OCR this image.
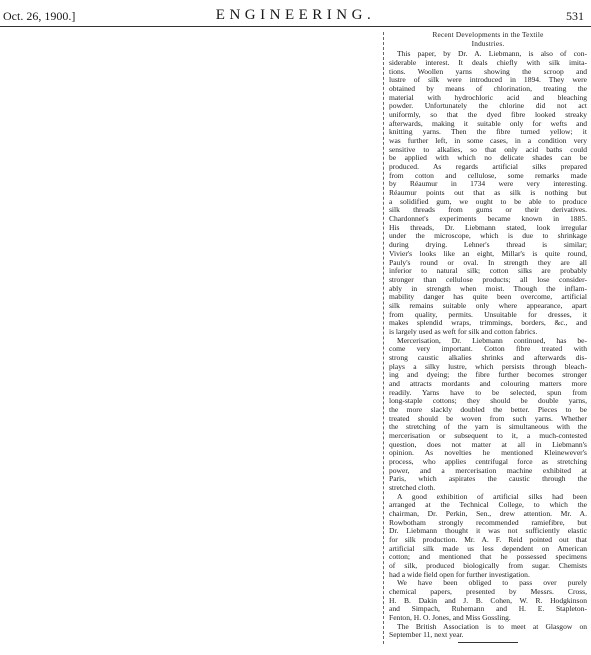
Oct. 26, 1900.]	ENGINEERING.	531
Recent Developments in the Textile
Industries.
This paper, by Dr. A. Liebmann, is also of con-
siderable interest. It deals chiefly with silk imita-
tions. Woollen yarns showing the scroop and
lustre of silk were introduced in 1894. They were
obtained by means of chlorination, treating the
material with hydrochloric acid and bleaching
powder. Unfortunately the chlorine did not act
uniformly, so that the dyed fibre looked streaky
afterwards, making it suitable only for wefts and
knitting yarns. Then the fibre turned yellow; it
was further left, in some cases, in a condition very
sensitive to alkalies, so that only acid baths could
be applied with which no delicate shades can be
produced. As regards artificial silks prepared
from cotton and cellulose, some remarks made
by Réaumur in 1734 were very interesting.
Réaumur points out that as silk is nothing but
a solidified gum, we ought to be able to produce
silk threads from gums or their derivatives.
Chardonnet's experiments became known in 1885.
His threads, Dr. Liebmann stated, look irregular
under the microscope, which is due to shrinkage
during drying. Lehner's thread is similar;
Vivier's looks like an eight, Millar's is quite round,
Pauly's round or oval. In strength they are all
inferior to natural silk; cotton silks are probably
stronger than cellulose products; all lose consider-
ably in strength when moist. Though the inflam-
mability danger has quite been overcome, artificial
silk remains suitable only where appearance, apart
from quality, permits. Unsuitable for dresses, it
makes splendid wraps, trimmings, borders, &c., and
is largely used as weft for silk and cotton fabrics.
Mercerisation, Dr. Liebmann continued, has be-
come very important. Cotton fibre treated with
strong caustic alkalies shrinks and afterwards dis-
plays a silky lustre, which persists through bleach-
ing and dyeing; the fibre further becomes stronger
and attracts mordants and colouring matters more
readily. Yarns have to be selected, spun from
long-staple cottons; they should be double yarns,
the more slackly doubled the better. Pieces to be
treated should be woven from such yarns. Whether
the stretching of the yarn is simultaneous with the
mercerisation or subsequent to it, a much-contested
question, does not matter at all in Liebmann's
opinion. As novelties he mentioned Kleinewever's
process, who applies centrifugal force as stretching
power, and a mercerisation machine exhibited at
Paris, which aspirates the caustic through the
stretched cloth.
A good exhibition of artificial silks had been
arranged at the Technical College, to which the
chairman, Dr. Perkin, Sen., drew attention. Mr. A.
Rowbotham strongly recommended ramiefibre, but
Dr. Liebmann thought it was not sufficiently elastic
for silk production. Mr. A. F. Reid pointed out that
artificial silk made us less dependent on American
cotton; and mentioned that he possessed specimens
of silk, produced biologically from sugar. Chemists
had a wide field open for further investigation.
We have been obliged to pass over purely
chemical papers, presented by Messrs. Cross,
H. B. Dakin and J. B. Cohen, W. R. Hodgkinson
and Simpach, Ruhemann and H. E. Stapleton-
Fenton, H. O. Jones, and Miss Gossling.
The British Association is to meet at Glasgow on
September 11, next year.
